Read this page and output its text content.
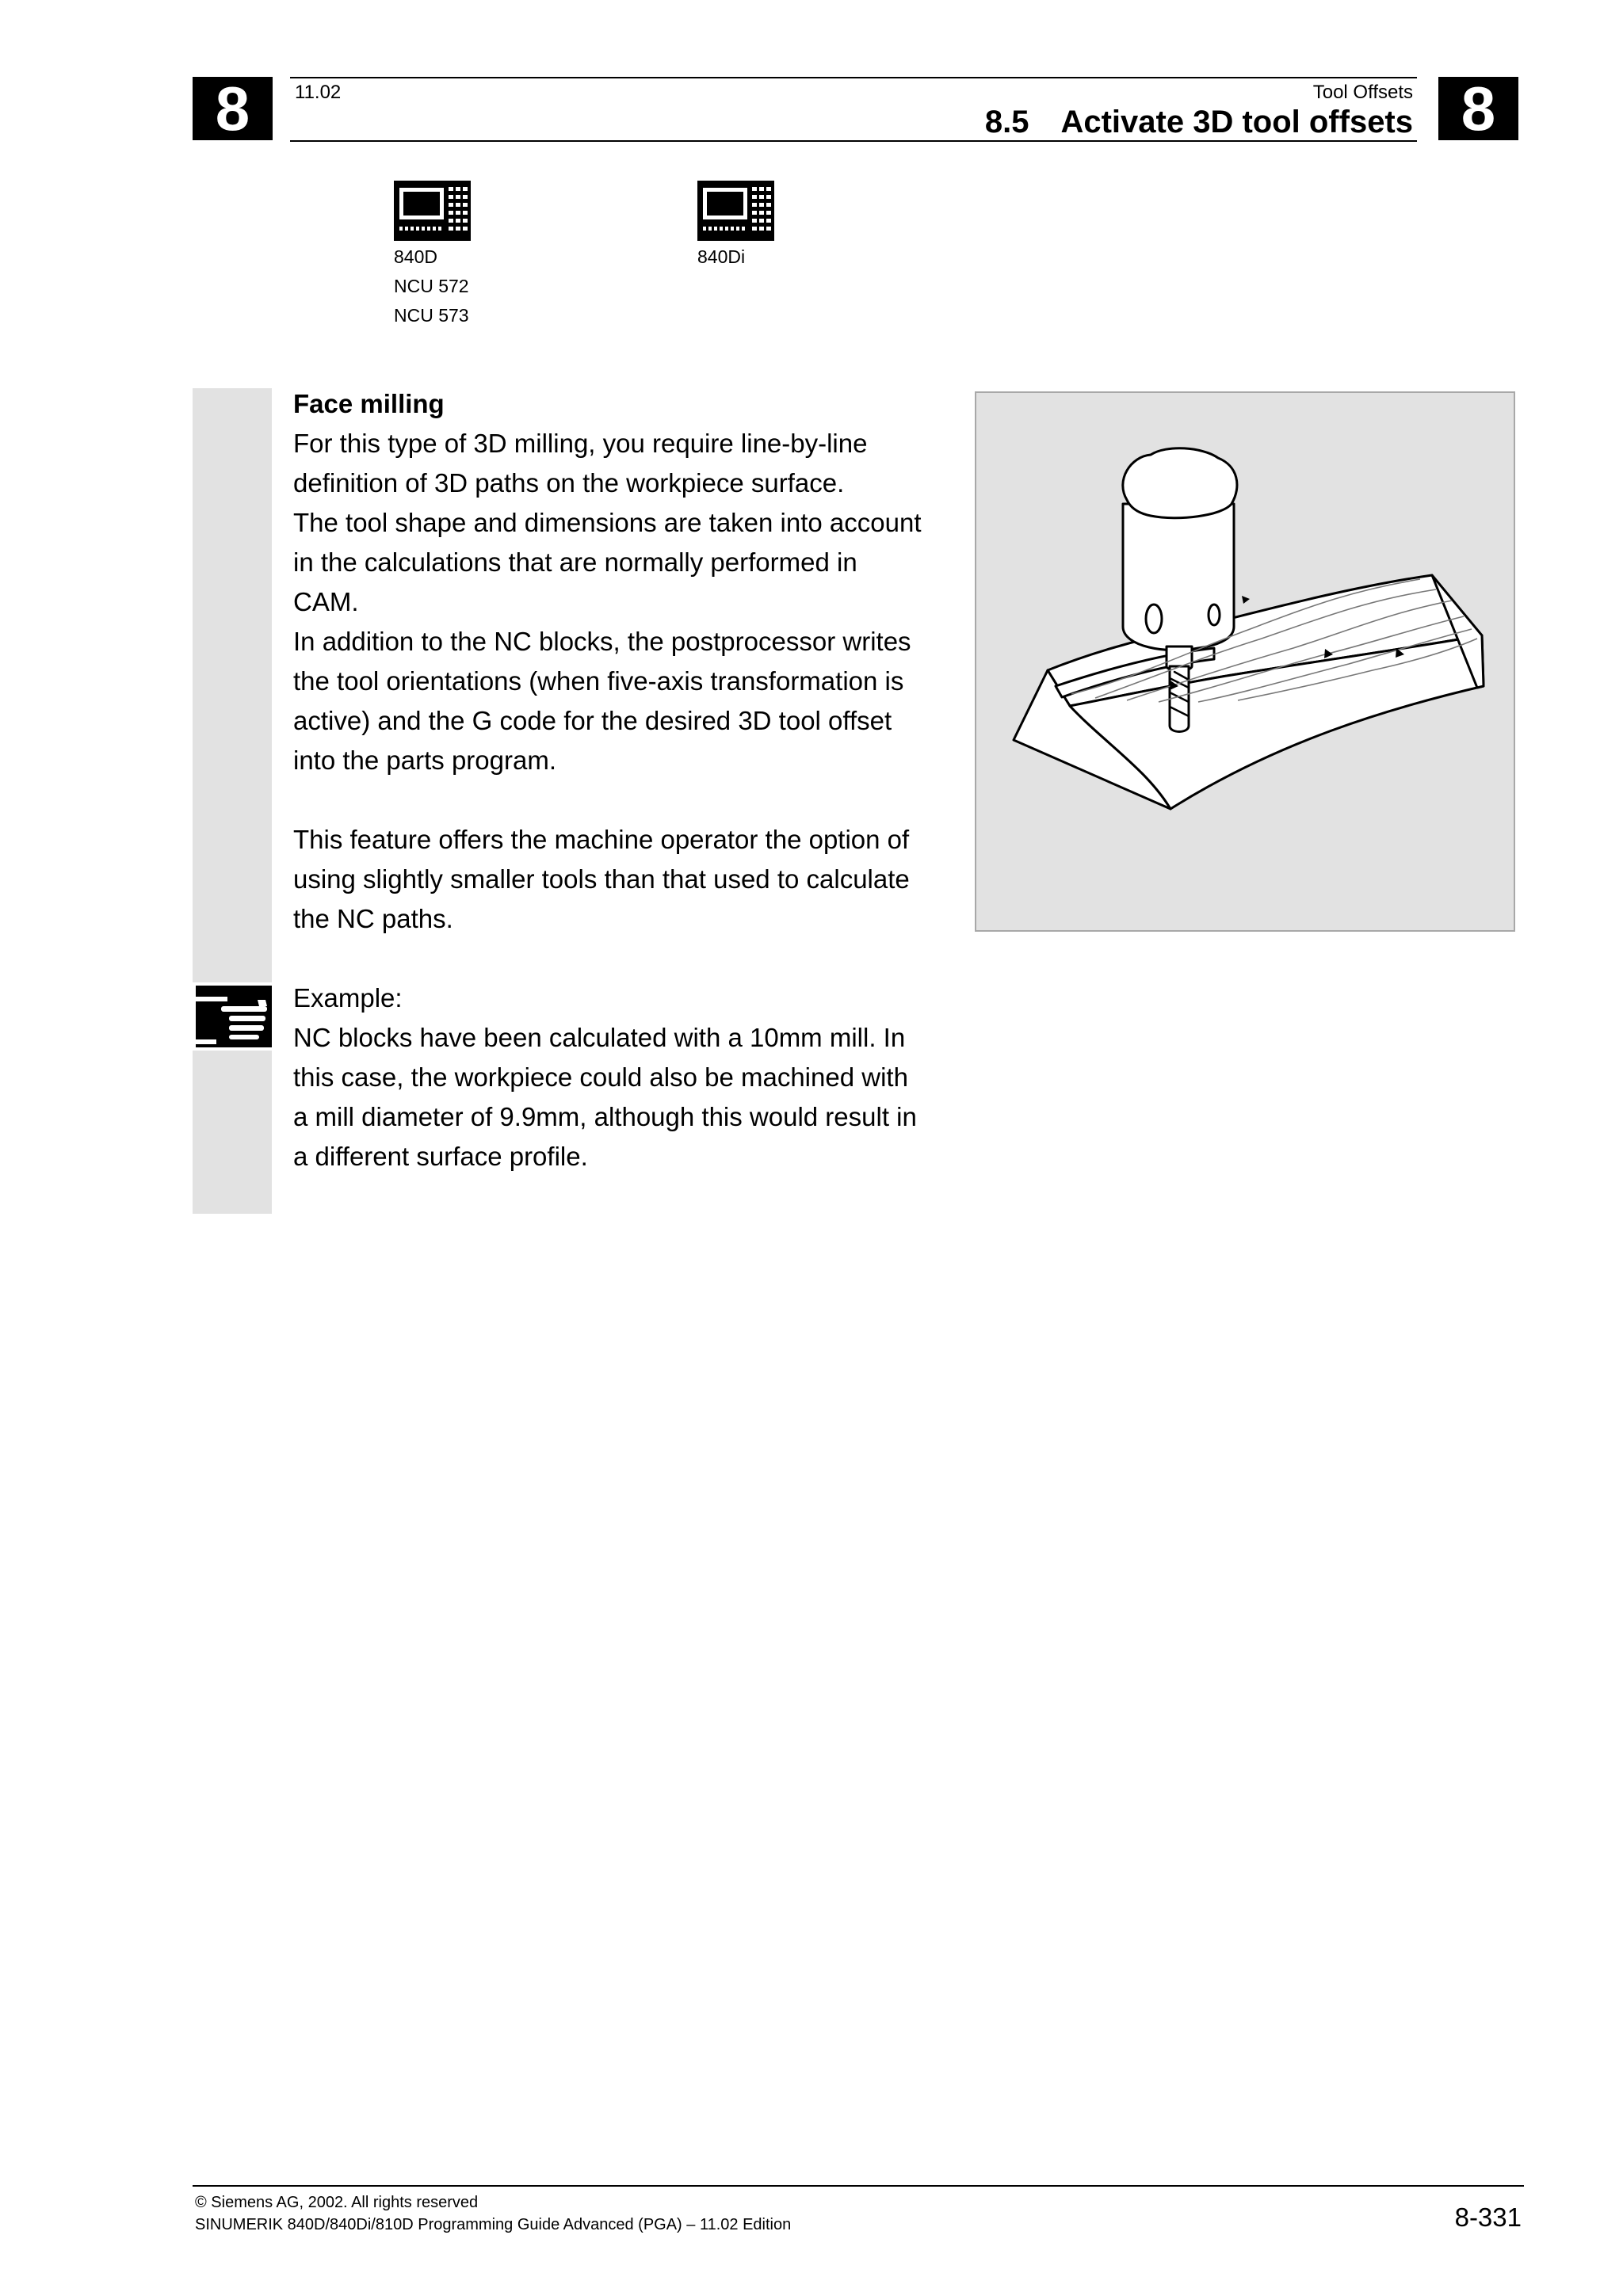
8	8
11.02	Tool Offsets
8.5 Activate 3D tool offsets
840D
NCU 572
NCU 573
840Di
Face milling

For this type of 3D milling, you require line-by-line definition of 3D paths on the workpiece surface.

The tool shape and dimensions are taken into account in the calculations that are normally performed in CAM.

In addition to the NC blocks, the postprocessor writes the tool orientations (when five-axis transformation is active) and the G code for the desired 3D tool offset into the parts program.

This feature offers the machine operator the option of using slightly smaller tools than that used to calculate the NC paths.

Example:

NC blocks have been calculated with a 10mm mill. In this case, the workpiece could also be machined with a mill diameter of 9.9mm, although this would result in a different surface profile.

© Siemens AG, 2002. All rights reserved
SINUMERIK 840D/840Di/810D Programming Guide Advanced (PGA) – 11.02 Edition	8-331
